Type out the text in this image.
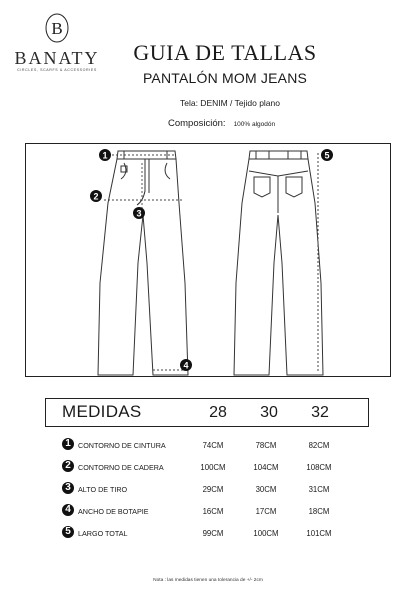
B
BANATY
CIRCLES, SCARFS & ACCESSORIES
GUIA DE TALLAS
PANTALÓN MOM JEANS
Tela: DENIM / Tejido plano
Composición: 100% algodón
1
2
3
4
5
MEDIDAS	28	30	32
1	CONTORNO DE CINTURA	74CM	78CM	82CM
2	CONTORNO DE CADERA	100CM	104CM	108CM
3	ALTO DE TIRO	29CM	30CM	31CM
4	ANCHO DE BOTAPIE	16CM	17CM	18CM
5	LARGO TOTAL	99CM	100CM	101CM
Nota : las medidas tienen una tolerancia de +/- 2cm
